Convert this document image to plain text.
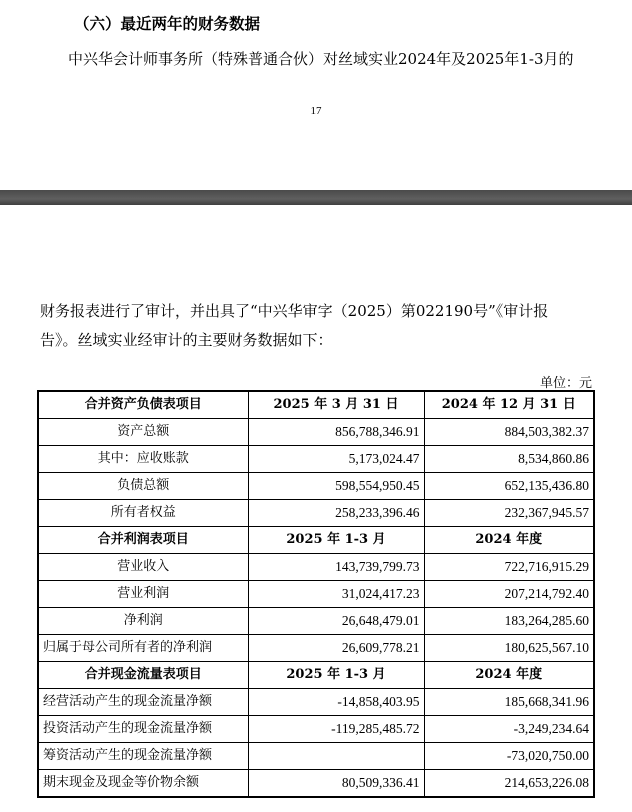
（六）最近两年的财务数据
中兴华会计师事务所（特殊普通合伙）对丝域实业2024年及2025年1-3月的
17
财务报表进行了审计，并出具了“中兴华审字（2025）第022190号”《审计报
告》。丝域实业经审计的主要财务数据如下：
单位：元
合并资产负债表项目	2025 年 3 月 31 日	2024 年 12 月 31 日
资产总额	856,788,346.91	884,503,382.37
其中：应收账款	5,173,024.47	8,534,860.86
负债总额	598,554,950.45	652,135,436.80
所有者权益	258,233,396.46	232,367,945.57
合并利润表项目	2025 年 1-3 月	2024 年度
营业收入	143,739,799.73	722,716,915.29
营业利润	31,024,417.23	207,214,792.40
净利润	26,648,479.01	183,264,285.60
归属于母公司所有者的净利润	26,609,778.21	180,625,567.10
合并现金流量表项目	2025 年 1-3 月	2024 年度
经营活动产生的现金流量净额	-14,858,403.95	185,668,341.96
投资活动产生的现金流量净额	-119,285,485.72	-3,249,234.64
筹资活动产生的现金流量净额		-73,020,750.00
期末现金及现金等价物余额	80,509,336.41	214,653,226.08
